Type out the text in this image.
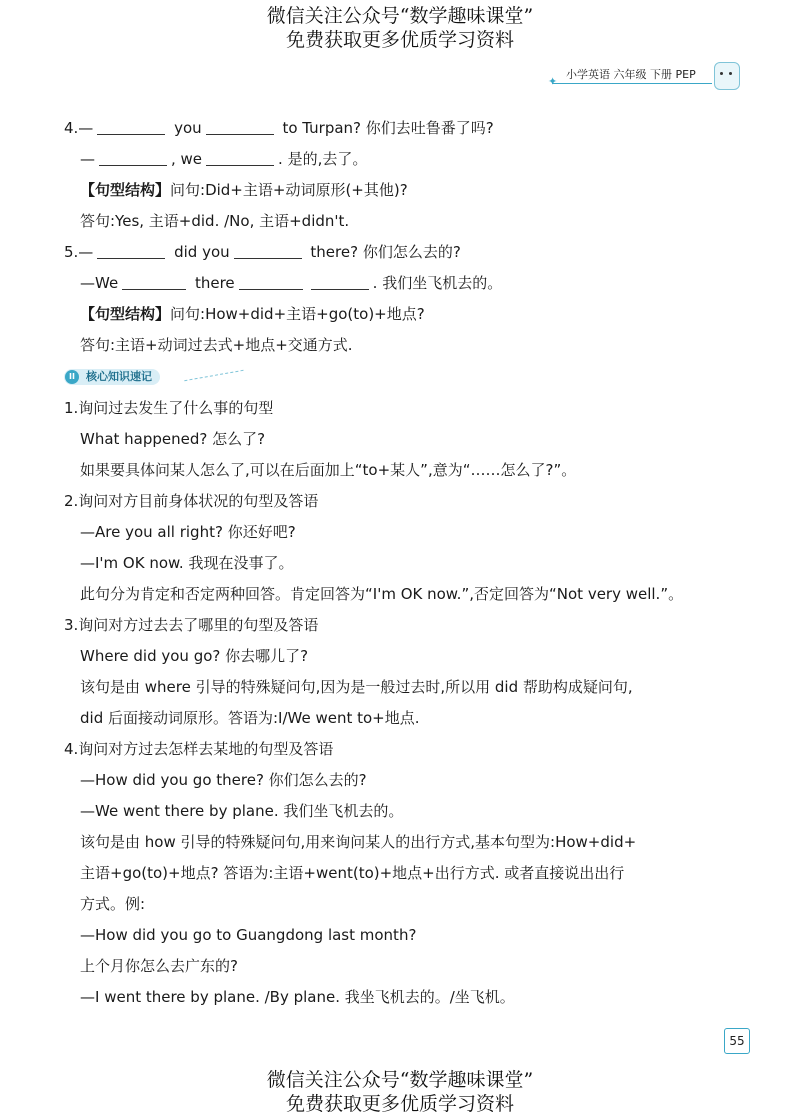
微信关注公众号“数学趣味课堂”
免费获取更多优质学习资料
✦
小学英语 六年级 下册 PEP
4.—	you	to Turpan? 你们去吐鲁番了吗?
—	, we	. 是的,去了。
【句型结构】问句:Did+主语+动词原形(+其他)?
答句:Yes, 主语+did. /No, 主语+didn't.
5.—	did you	there? 你们怎么去的?
—We	there	. 我们坐飞机去的。
【句型结构】问句:How+did+主语+go(to)+地点?
答句:主语+动词过去式+地点+交通方式.
II	核心知识速记
1.询问过去发生了什么事的句型
What happened? 怎么了?
如果要具体问某人怎么了,可以在后面加上“to+某人”,意为“……怎么了?”。
2.询问对方目前身体状况的句型及答语
—Are you all right? 你还好吧?
—I'm OK now. 我现在没事了。
此句分为肯定和否定两种回答。肯定回答为“I'm OK now.”,否定回答为“Not very well.”。
3.询问对方过去去了哪里的句型及答语
Where did you go? 你去哪儿了?
该句是由 where 引导的特殊疑问句,因为是一般过去时,所以用 did 帮助构成疑问句,
did 后面接动词原形。答语为:I/We went to+地点.
4.询问对方过去怎样去某地的句型及答语
—How did you go there? 你们怎么去的?
—We went there by plane. 我们坐飞机去的。
该句是由 how 引导的特殊疑问句,用来询问某人的出行方式,基本句型为:How+did+
主语+go(to)+地点? 答语为:主语+went(to)+地点+出行方式. 或者直接说出出行
方式。例:
—How did you go to Guangdong last month?
上个月你怎么去广东的?
—I went there by plane. /By plane. 我坐飞机去的。/坐飞机。
55
微信关注公众号“数学趣味课堂”
免费获取更多优质学习资料
